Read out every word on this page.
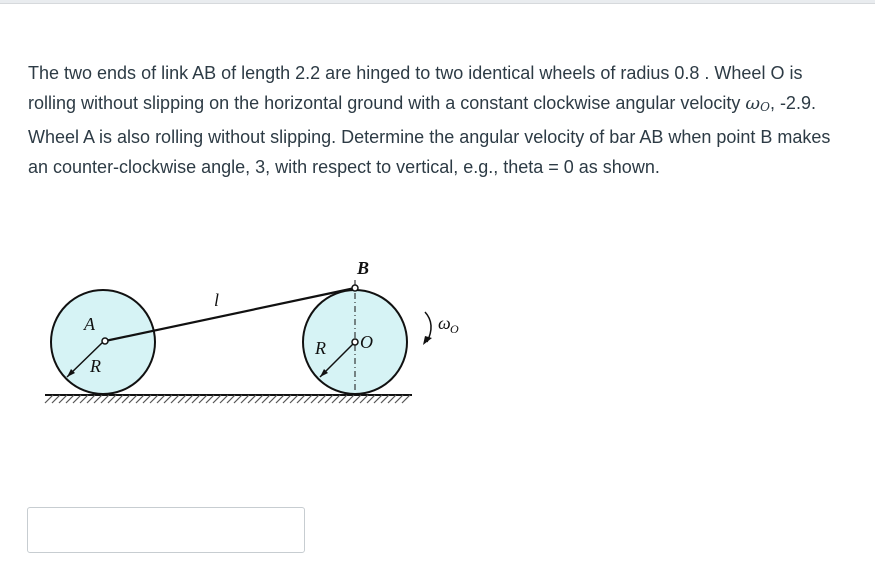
The two ends of link AB of length 2.2 are hinged to two identical wheels of radius 0.8 . Wheel O is rolling without slipping on the horizontal ground with a constant clockwise angular velocity ωO, -2.9. Wheel A is also rolling without slipping. Determine the angular velocity of bar AB when point B makes an counter-clockwise angle, 3, with respect to vertical, e.g., theta = 0 as shown.

A
R
l
B
R O
ω O
